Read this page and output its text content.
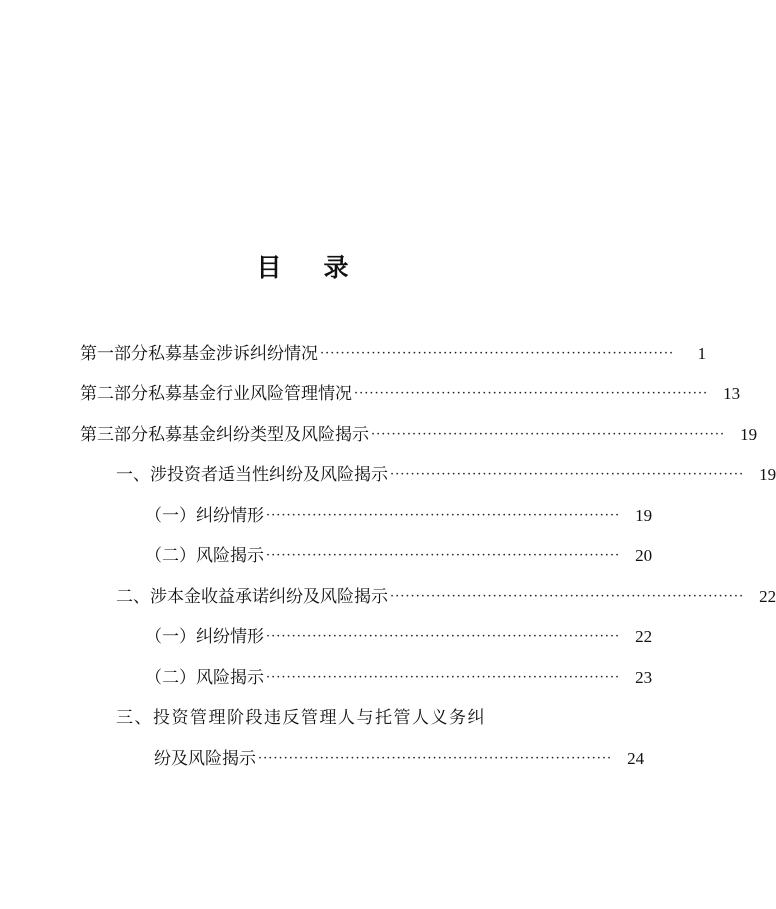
目 录
第一部分 私募基金涉诉纠纷情况 ·····································································	1
第二部分 私募基金行业风险管理情况 ····································································· 13
第三部分 私募基金纠纷类型及风险揭示 ····································································· 19
一、涉投资者适当性纠纷及风险揭示 ····································································· 19
（一）纠纷情形 ····································································· 19
（二）风险揭示 ····································································· 20
二、涉本金收益承诺纠纷及风险揭示 ····································································· 22
（一）纠纷情形 ····································································· 22
（二）风险揭示 ····································································· 23
三、投资管理阶段违反管理人与托管人义务纠
纷及风险揭示 ····································································· 24
